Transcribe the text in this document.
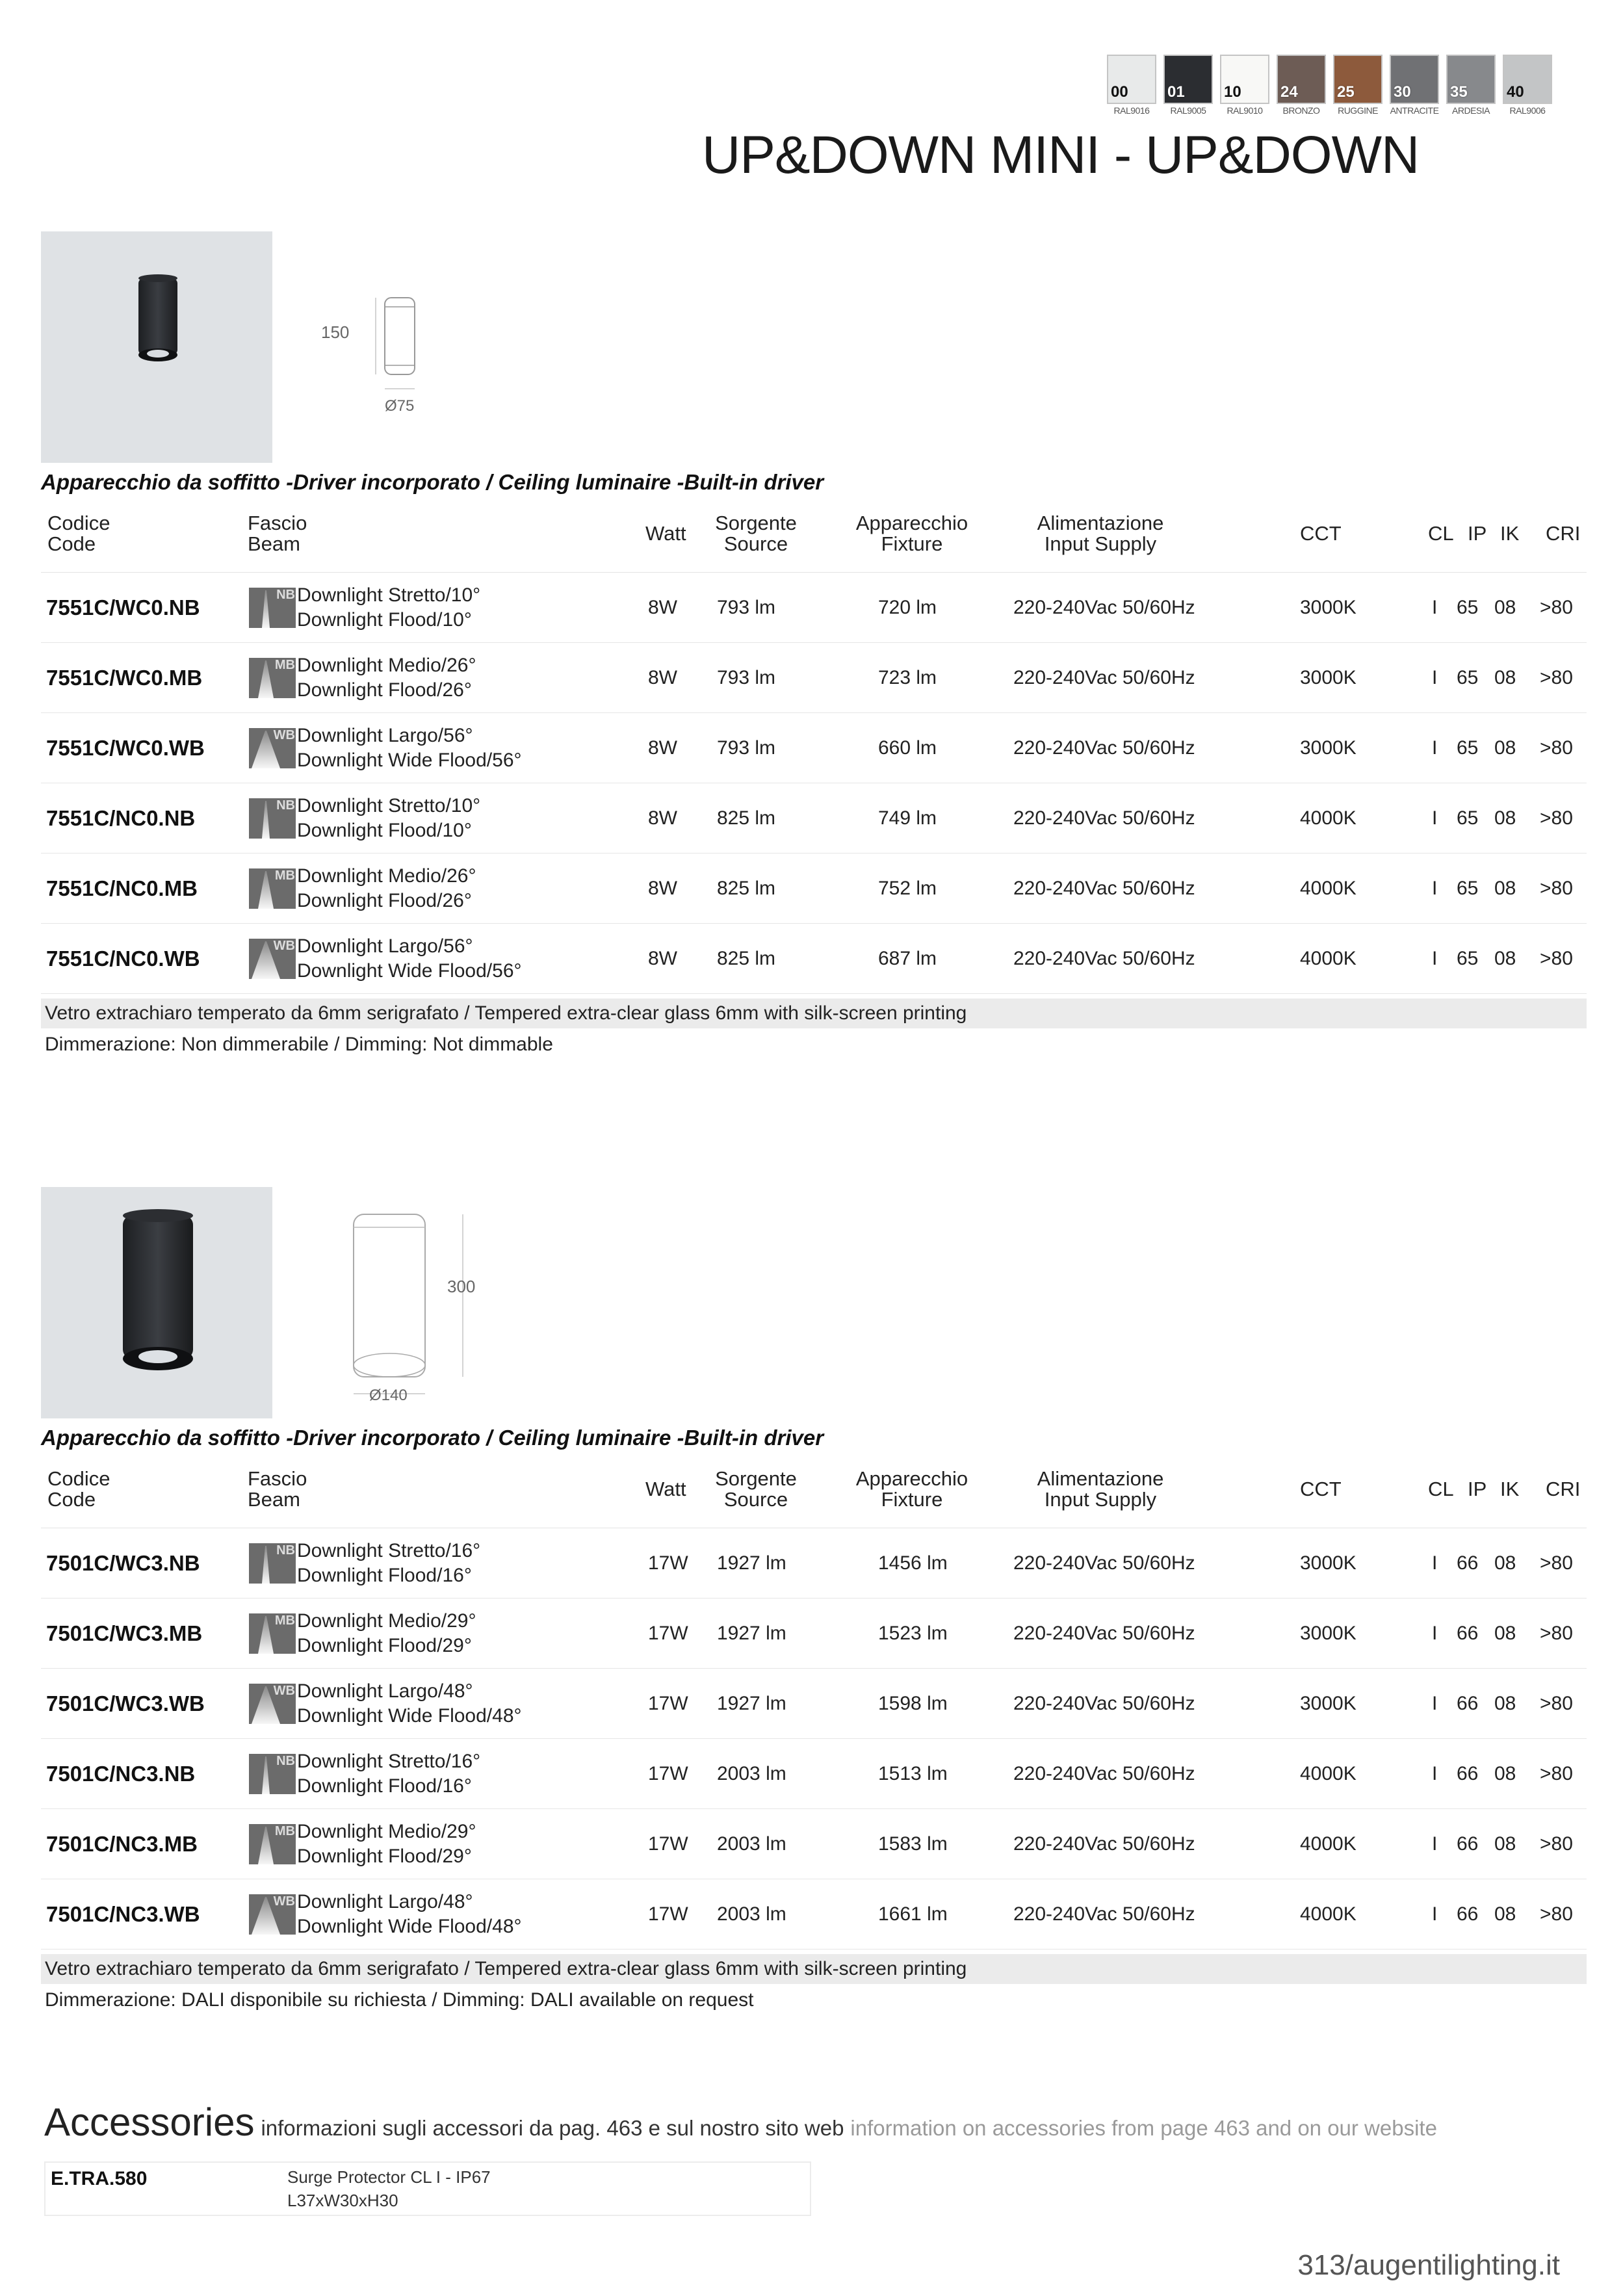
00
RAL9016
01
RAL9005
10
RAL9010
24
BRONZO
25
RUGGINE
30
ANTRACITE
35
ARDESIA
40
RAL9006
UP&DOWN MINI - UP&DOWN
150
Ø75
Apparecchio da soffitto -Driver incorporato / Ceiling luminaire -Built-in driver
Codice
Code
Fascio
Beam	Watt	Sorgente
Source
Apparecchio
Fixture
Alimentazione
Input Supply	CCT	CL IP IK CRI
7551C/WC0.NB
NB Downlight Stretto/10°
Downlight Flood/10°
8W 793 lm	720 lm	220-240Vac 50/60Hz	3000K	I 65 08 >80
7551C/WC0.MB
MB Downlight Medio/26°
Downlight Flood/26°
8W 793 lm	723 lm	220-240Vac 50/60Hz	3000K	I 65 08 >80
7551C/WC0.WB
WB Downlight Largo/56°
Downlight Wide Flood/56°
8W 793 lm	660 lm	220-240Vac 50/60Hz	3000K	I 65 08 >80
7551C/NC0.NB
NB Downlight Stretto/10°
Downlight Flood/10°
8W 825 lm	749 lm	220-240Vac 50/60Hz	4000K	I 65 08 >80
7551C/NC0.MB
MB Downlight Medio/26°
Downlight Flood/26°
8W 825 lm	752 lm	220-240Vac 50/60Hz	4000K	I 65 08 >80
7551C/NC0.WB
WB Downlight Largo/56°
Downlight Wide Flood/56°
8W 825 lm	687 lm	220-240Vac 50/60Hz	4000K	I 65 08 >80
Vetro extrachiaro temperato da 6mm serigrafato / Tempered extra-clear glass 6mm with silk-screen printing
Dimmerazione: Non dimmerabile / Dimming: Not dimmable
300
Ø140
Apparecchio da soffitto -Driver incorporato / Ceiling luminaire -Built-in driver
Codice
Code
Fascio
Beam	Watt	Sorgente
Source
Apparecchio
Fixture
Alimentazione
Input Supply	CCT	CL IP IK CRI
7501C/WC3.NB
NB Downlight Stretto/16°
Downlight Flood/16°
17W 1927 lm	1456 lm	220-240Vac 50/60Hz	3000K	I 66 08 >80
7501C/WC3.MB
MB Downlight Medio/29°
Downlight Flood/29°
17W 1927 lm	1523 lm	220-240Vac 50/60Hz	3000K	I 66 08 >80
7501C/WC3.WB
WB Downlight Largo/48°
Downlight Wide Flood/48°
17W 1927 lm	1598 lm	220-240Vac 50/60Hz	3000K	I 66 08 >80
7501C/NC3.NB
NB Downlight Stretto/16°
Downlight Flood/16°
17W 2003 lm	1513 lm	220-240Vac 50/60Hz	4000K	I 66 08 >80
7501C/NC3.MB
MB Downlight Medio/29°
Downlight Flood/29°
17W 2003 lm	1583 lm	220-240Vac 50/60Hz	4000K	I 66 08 >80
7501C/NC3.WB
WB Downlight Largo/48°
Downlight Wide Flood/48°
17W 2003 lm	1661 lm	220-240Vac 50/60Hz	4000K	I 66 08 >80
Vetro extrachiaro temperato da 6mm serigrafato / Tempered extra-clear glass 6mm with silk-screen printing
Dimmerazione: DALI disponibile su richiesta / Dimming: DALI available on request
Accessories informazioni sugli accessori da pag. 463 e sul nostro sito web information on accessories from page 463 and on our website
E.TRA.580	Surge Protector CL I - IP67
L37xW30xH30
313/augentilighting.it
